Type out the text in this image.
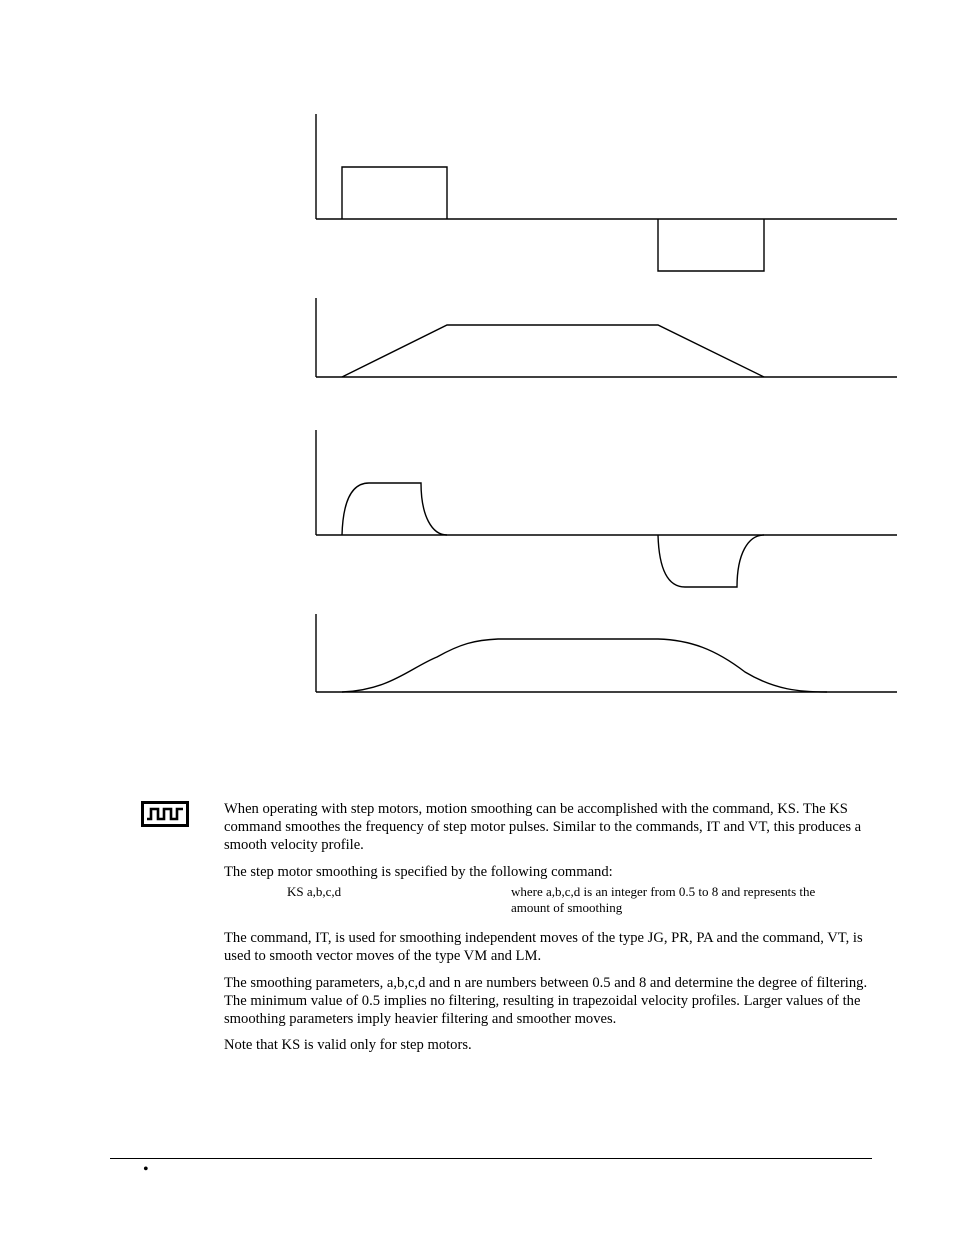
When operating with step motors, motion smoothing can be accomplished with the command, KS. The KS command smoothes the frequency of step motor pulses. Similar to the commands, IT and VT, this produces a smooth velocity profile.

The step motor smoothing is specified by the following command:

KS a,b,c,d	where a,b,c,d is an integer from 0.5 to 8 and represents the amount of smoothing

The command, IT, is used for smoothing independent moves of the type JG, PR, PA and the command, VT, is used to smooth vector moves of the type VM and LM.

The smoothing parameters, a,b,c,d and n are numbers between 0.5 and 8 and determine the degree of filtering. The minimum value of 0.5 implies no filtering, resulting in trapezoidal velocity profiles. Larger values of the smoothing parameters imply heavier filtering and smoother moves.

Note that KS is valid only for step motors.

•
